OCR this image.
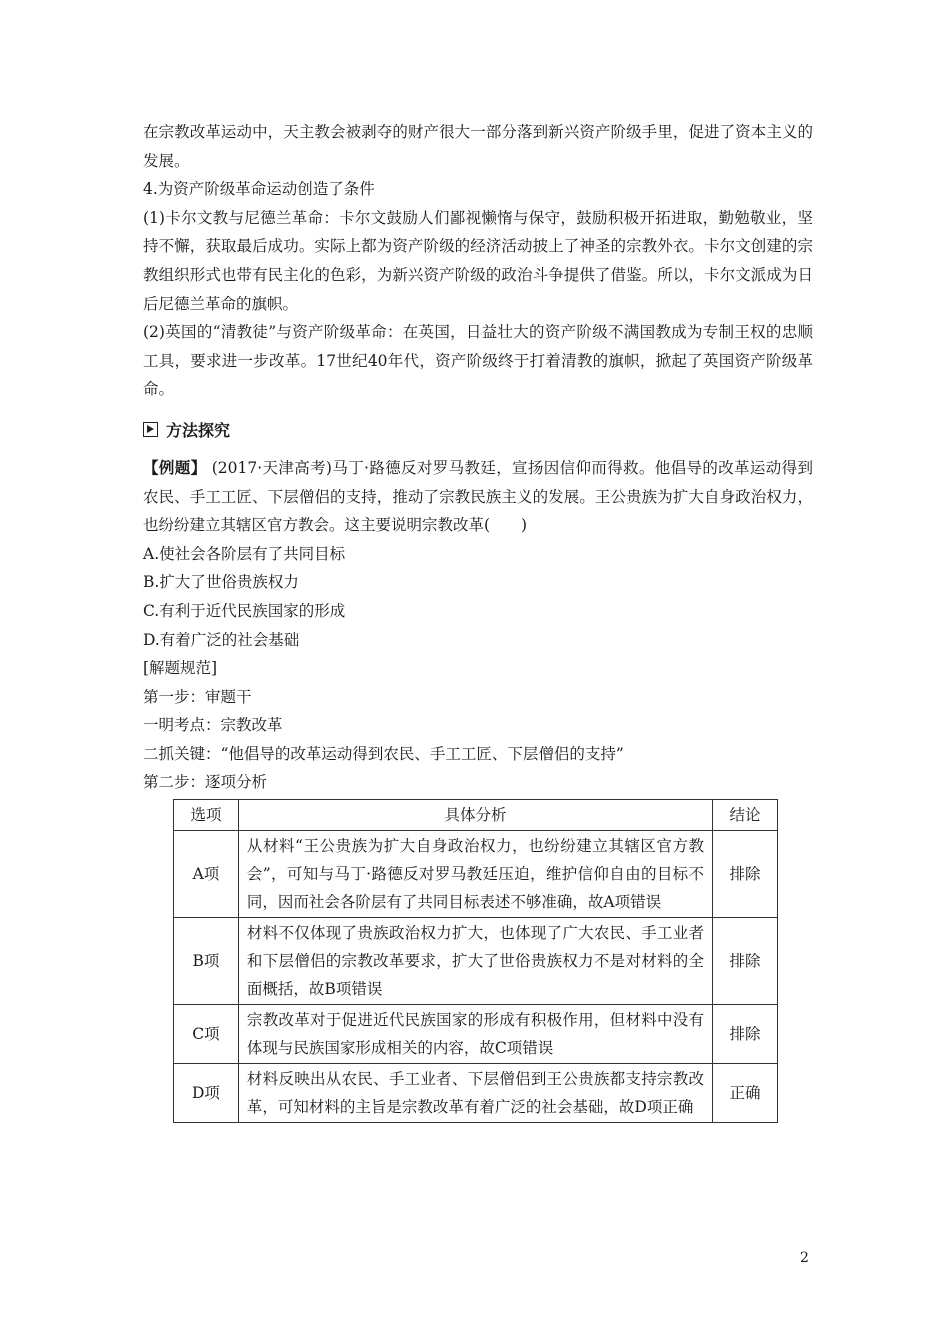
在宗教改革运动中，天主教会被剥夺的财产很大一部分落到新兴资产阶级手里，促进了资本主义的发展。

4.为资产阶级革命运动创造了条件

(1)卡尔文教与尼德兰革命：卡尔文鼓励人们鄙视懒惰与保守，鼓励积极开拓进取，勤勉敬业，坚持不懈，获取最后成功。实际上都为资产阶级的经济活动披上了神圣的宗教外衣。卡尔文创建的宗教组织形式也带有民主化的色彩，为新兴资产阶级的政治斗争提供了借鉴。所以，卡尔文派成为日后尼德兰革命的旗帜。

(2)英国的“清教徒”与资产阶级革命：在英国，日益壮大的资产阶级不满国教成为专制王权的忠顺工具，要求进一步改革。17世纪40年代，资产阶级终于打着清教的旗帜，掀起了英国资产阶级革命。

方法探究

【例题】 (2017·天津高考)马丁·路德反对罗马教廷，宣扬因信仰而得救。他倡导的改革运动得到农民、手工工匠、下层僧侣的支持，推动了宗教民族主义的发展。王公贵族为扩大自身政治权力，也纷纷建立其辖区官方教会。这主要说明宗教改革(　　)

A.使社会各阶层有了共同目标

B.扩大了世俗贵族权力

C.有利于近代民族国家的形成

D.有着广泛的社会基础

[解题规范]

第一步：审题干

一明考点：宗教改革

二抓关键：“他倡导的改革运动得到农民、手工工匠、下层僧侣的支持”

第二步：逐项分析

选项	具体分析	结论
A项	从材料“王公贵族为扩大自身政治权力，也纷纷建立其辖区官方教会”，可知与马丁·路德反对罗马教廷压迫，维护信仰自由的目标不同，因而社会各阶层有了共同目标表述不够准确，故A项错误	排除
B项	材料不仅体现了贵族政治权力扩大，也体现了广大农民、手工业者和下层僧侣的宗教改革要求，扩大了世俗贵族权力不是对材料的全面概括，故B项错误	排除
C项	宗教改革对于促进近代民族国家的形成有积极作用，但材料中没有体现与民族国家形成相关的内容，故C项错误	排除
D项	材料反映出从农民、手工业者、下层僧侣到王公贵族都支持宗教改革，可知材料的主旨是宗教改革有着广泛的社会基础，故D项正确	正确
2
